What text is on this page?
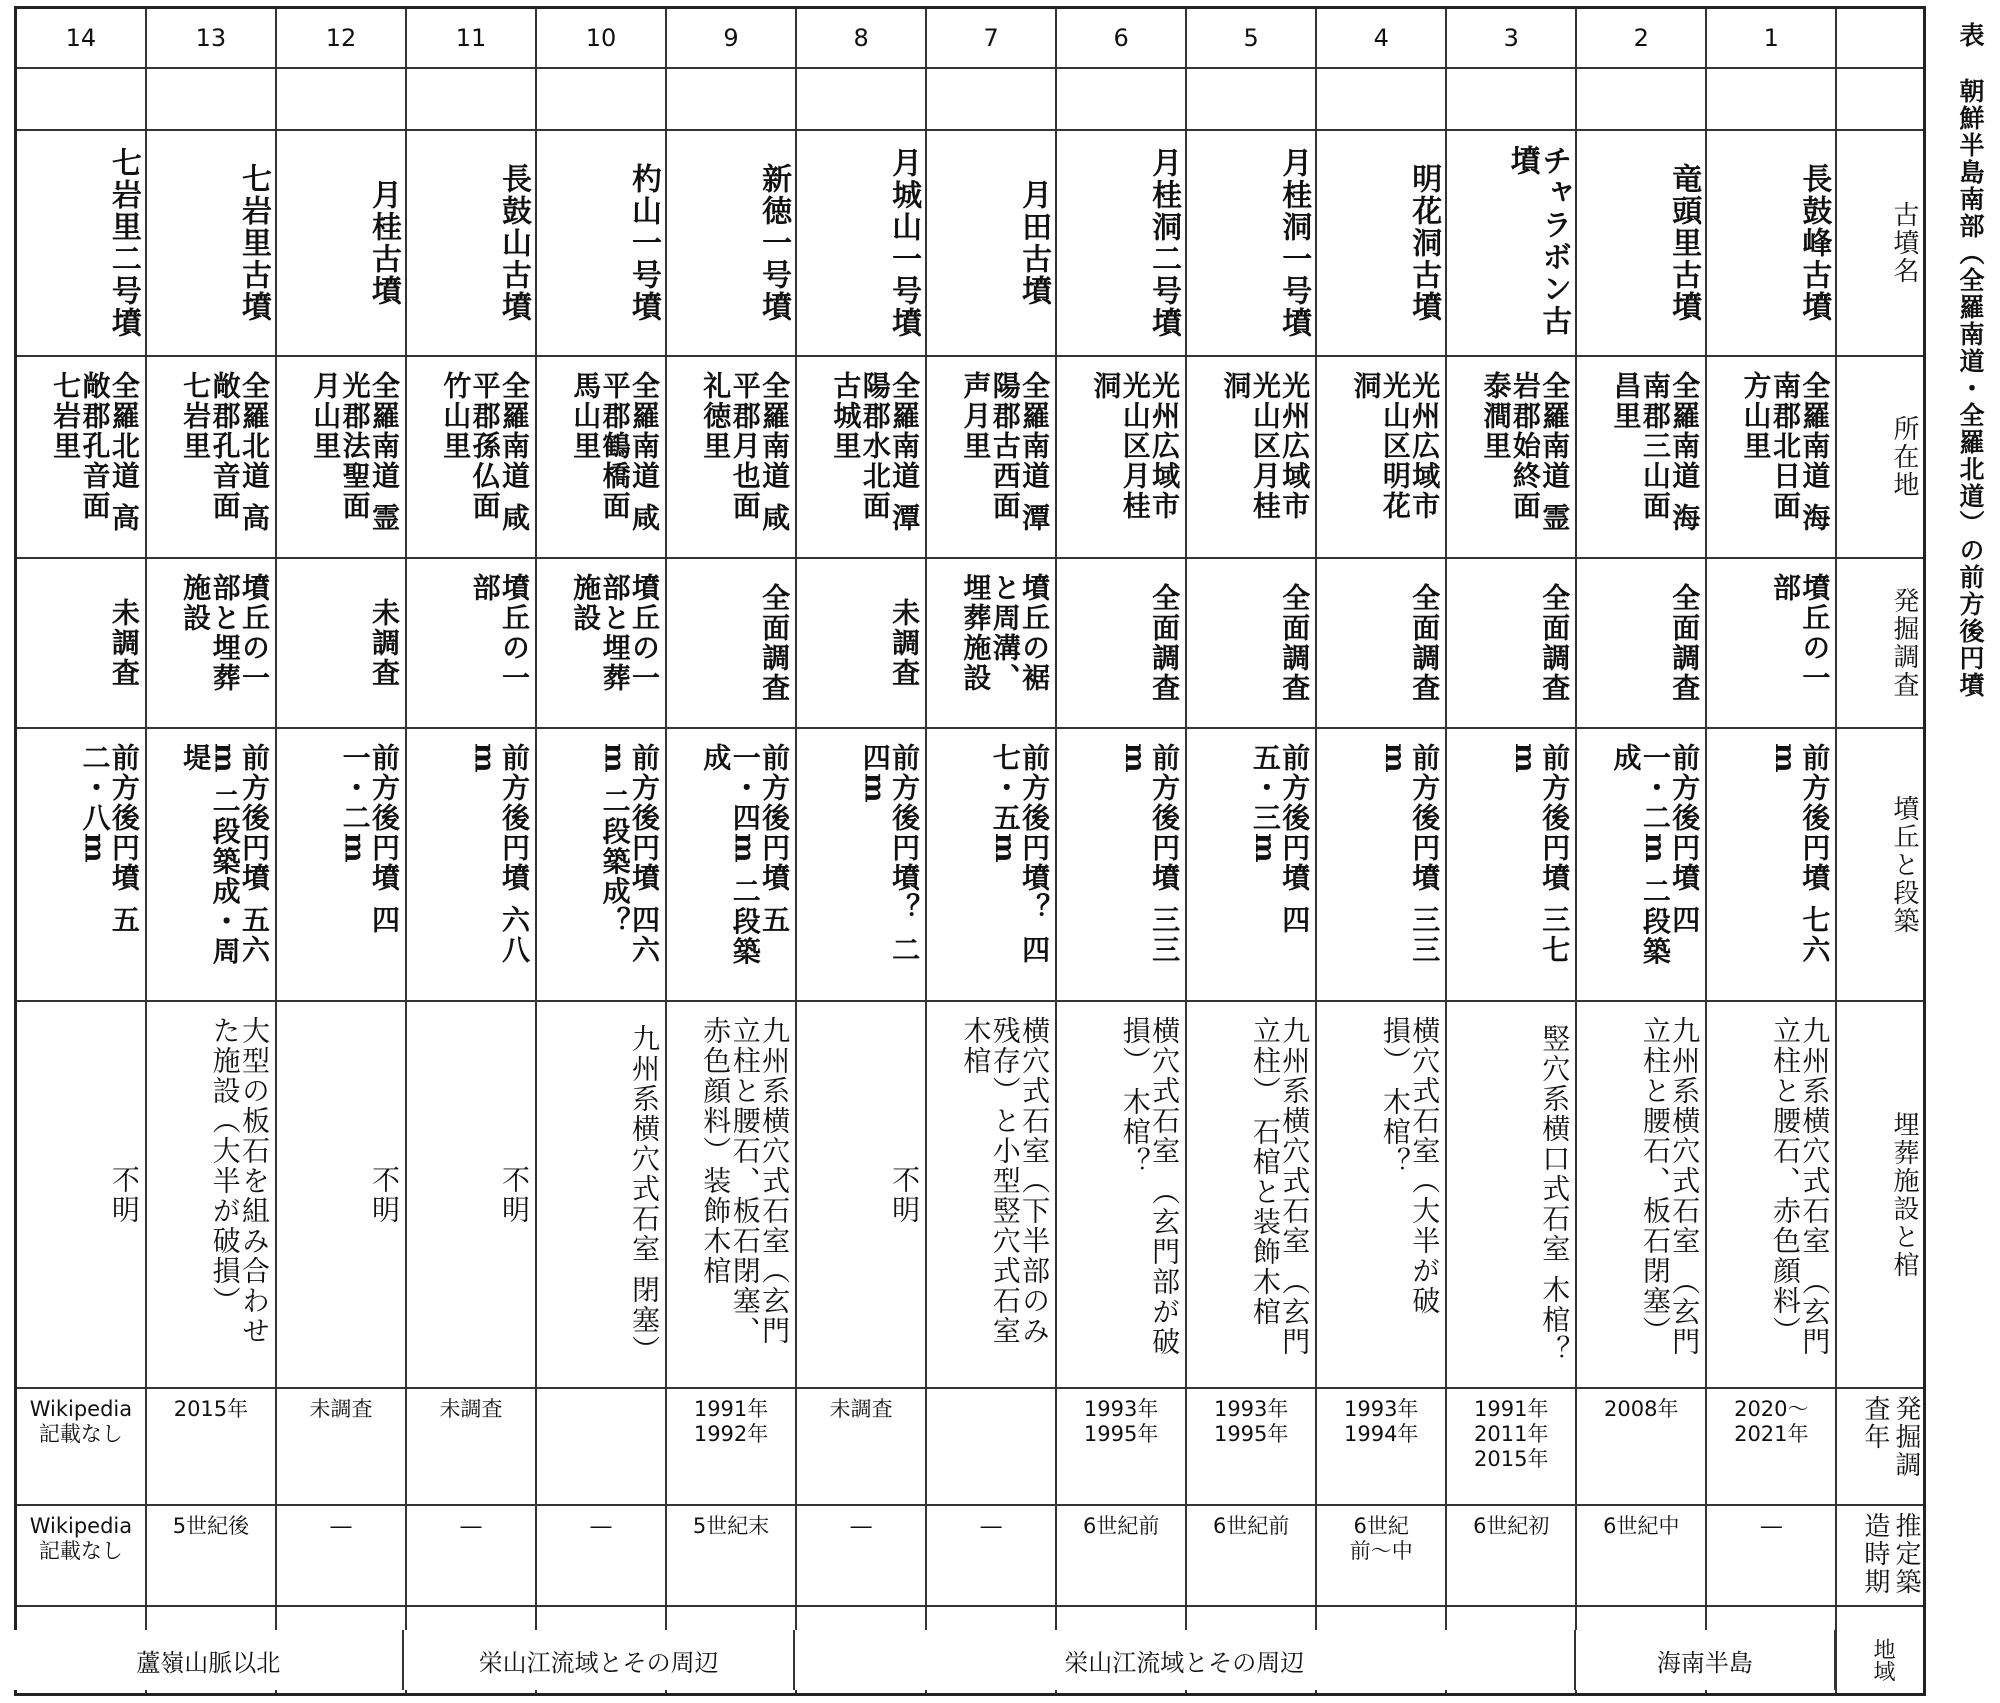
表
朝鮮半島南部（全羅南道・全羅北道）の前方後円墳
古墳名
所在地
発掘調査
墳丘と段築
埋葬施設と棺
発掘調査年
推定築造時期
1
長鼓峰古墳
全羅南道 海南郡北日面 方山里
墳丘の一部
前方後円墳 七六m
九州系横穴式石室 （玄門立柱と腰石、赤色顔料）
2020～
2021年
―
2
竜頭里古墳
全羅南道 海南郡三山面 昌里
全面調査
前方後円墳 四一・二m 二段築成
九州系横穴式石室 （玄門立柱と腰石、板石閉塞）
2008年
6世紀中
3
チャラボン古墳
全羅南道 霊岩郡始終面 泰澗里
全面調査
前方後円墳 三七m
竪穴系横口式石室 木棺？
1991年
2011年
2015年
6世紀初
4
明花洞古墳
光州広域市 光山区明花洞
全面調査
前方後円墳 三三m
横穴式石室（大半が破損） 木棺？
1993年
1994年
6世紀
前～中
5
月桂洞一号墳
光州広域市 光山区月桂洞
全面調査
前方後円墳 四五・三m
九州系横穴式石室 （玄門立柱） 石棺と装飾木棺
1993年
1995年
6世紀前
6
月桂洞二号墳
光州広域市 光山区月桂洞
全面調査
前方後円墳 三三m
横穴式石室 （玄門部が破損） 木棺？
1993年
1995年
6世紀前
7
月田古墳
全羅南道 潭陽郡古西面 声月里
墳丘の裾と周溝、埋葬施設
前方後円墳？ 四七・五m
横穴式石室（下半部のみ残存）と小型竪穴式石室 木棺
―
8
月城山一号墳
全羅南道 潭陽郡水北面 古城里
未調査
前方後円墳？ 二四m
不明
未調査
―
9
新徳一号墳
全羅南道 咸平郡月也面 礼徳里
全面調査
前方後円墳 五一・四m 二段築成
九州系横穴式石室（玄門立柱と腰石、板石閉塞、赤色顔料）装飾木棺
1991年
1992年
5世紀末
10
杓山一号墳
全羅南道 咸平郡鶴橋面 馬山里
墳丘の一部と埋葬施設
前方後円墳 四六m 二段築成？
九州系横穴式石室 閉塞）
―
11
長鼓山古墳
全羅南道 咸平郡孫仏面 竹山里
墳丘の一部
前方後円墳 六八m
不明
未調査
―
12
月桂古墳
全羅南道 霊光郡法聖面 月山里
未調査
前方後円墳 四一・二m
不明
未調査
―
13
七岩里古墳
全羅北道 高敞郡孔音面 七岩里
墳丘の一部と埋葬施設
前方後円墳 五六m 二段築成・周堤
大型の板石を組み合わせた施設（大半が破損）
2015年
5世紀後
14
七岩里二号墳
全羅北道 高敞郡孔音面 七岩里
未調査
前方後円墳 五二・八m
不明
Wikipedia
記載なし
Wikipedia
記載なし
地域
海南半島
栄山江流域とその周辺
栄山江流域とその周辺
蘆嶺山脈以北
